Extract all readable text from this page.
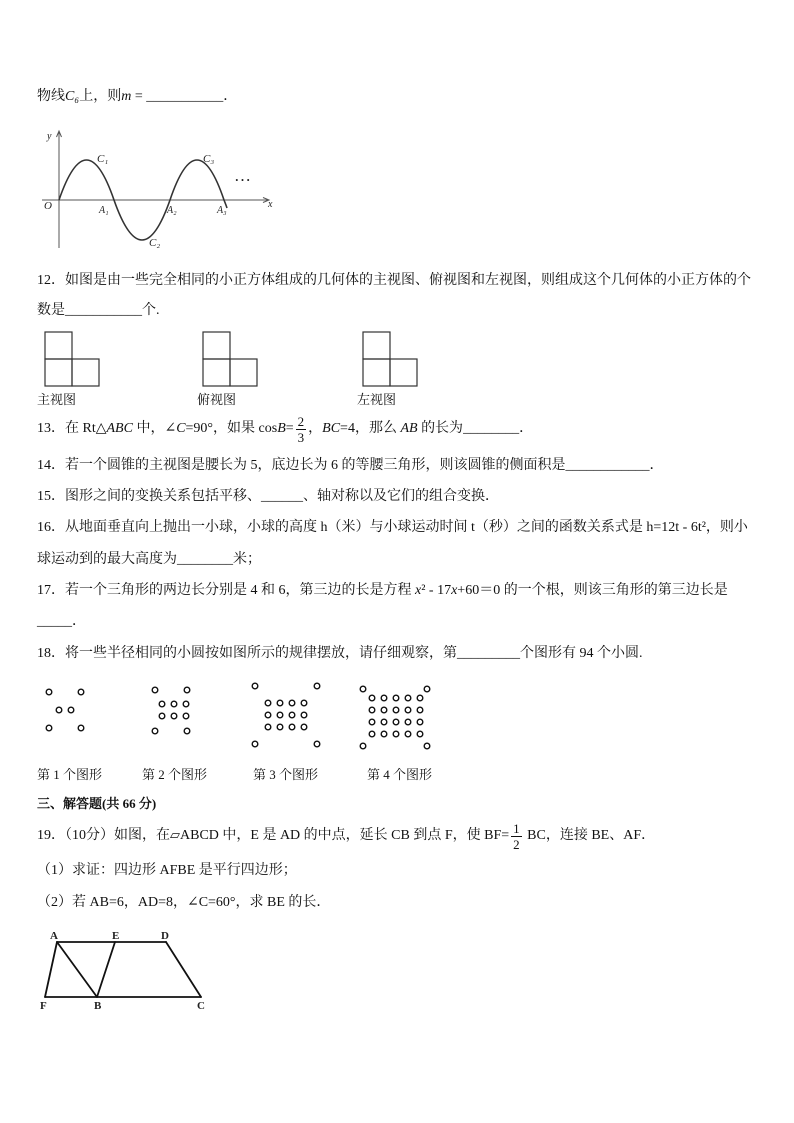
物线 C₆ 上，则 m = ___________ ．
y
x
O
C₁
C₂
C₃
A₁	A₂	A₃
…
12．如图是由一些完全相同的小正方体组成的几何体的主视图、俯视图和左视图，则组成这个几何体的小正方体的个
数是 ___________ 个.
主视图	俯视图	左视图
13．在 Rt△ ABC 中，∠ C =90°，如果 $\cos B = \frac{2}{3}$ ， BC =4，那么 AB 的长为 ________ ．
14．若一个圆锥的主视图是腰长为 5，底边长为 6 的等腰三角形，则该圆锥的侧面积是 ____________ ．
15．图形之间的变换关系包括平移、 ______ 、轴对称以及它们的组合变换．
16．从地面垂直向上抛出一小球，小球的高度 h（米）与小球运动时间 t（秒）之间的函数关系式是 h=12t - 6t²，则小
球运动到的最大高度为 ________ 米；
17．若一个三角形的两边长分别是 4 和 6，第三边的长是方程 x ² - 17 x +60＝0 的一个根，则该三角形的第三边长是
_____ ．
18．将一些半径相同的小圆按如图所示的规律摆放，请仔细观察，第 _________ 个图形有 94 个小圆.
第 1 个图形	第 2 个图形	第 3 个图形	第 4 个图形
三、解答题(共 66 分)
19．（10分）如图，在 ▱ ABCD 中，E 是 AD 的中点，延长 CB 到点 F，使 $BF= \frac{1}{2}$ BC，连接 BE、AF．
（1）求证：四边形 AFBE 是平行四边形；
（2）若 AB=6，AD=8，∠C=60°，求 BE 的长．
A	E	D
F	B	C
